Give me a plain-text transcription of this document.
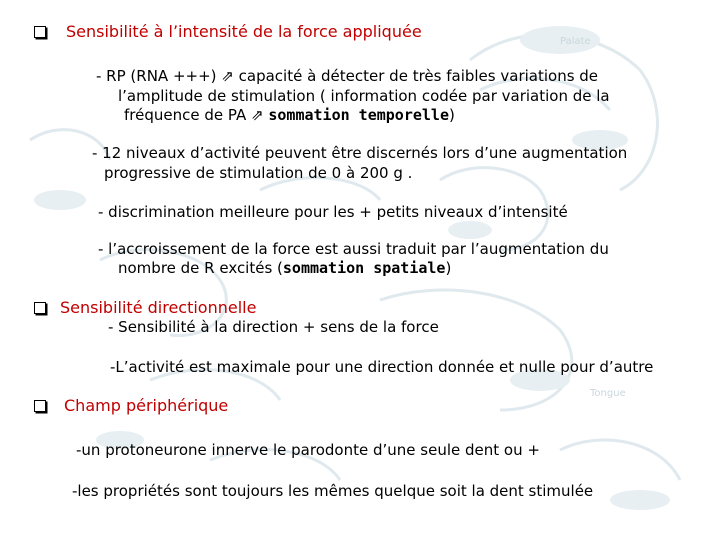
Palate
Tongue
Sensibilité à l’intensité de la force appliquée
- RP (RNA +++) ⇗ capacité à détecter de très faibles variations de
l’amplitude de stimulation ( information codée par variation de la
fréquence de PA ⇗ sommation temporelle)
- 12 niveaux d’activité peuvent être discernés lors d’une augmentation
progressive de stimulation de 0 à 200 g .
- discrimination meilleure pour les + petits niveaux d’intensité
- l’accroissement de la force est aussi traduit par l’augmentation du
nombre de R excités (sommation spatiale)
Sensibilité directionnelle
- Sensibilité à la direction + sens de la force
-L’activité est maximale pour une direction donnée et nulle pour d’autre
Champ périphérique
-un protoneurone innerve le parodonte d’une seule dent ou +
-les propriétés sont toujours les mêmes quelque soit la dent stimulée
